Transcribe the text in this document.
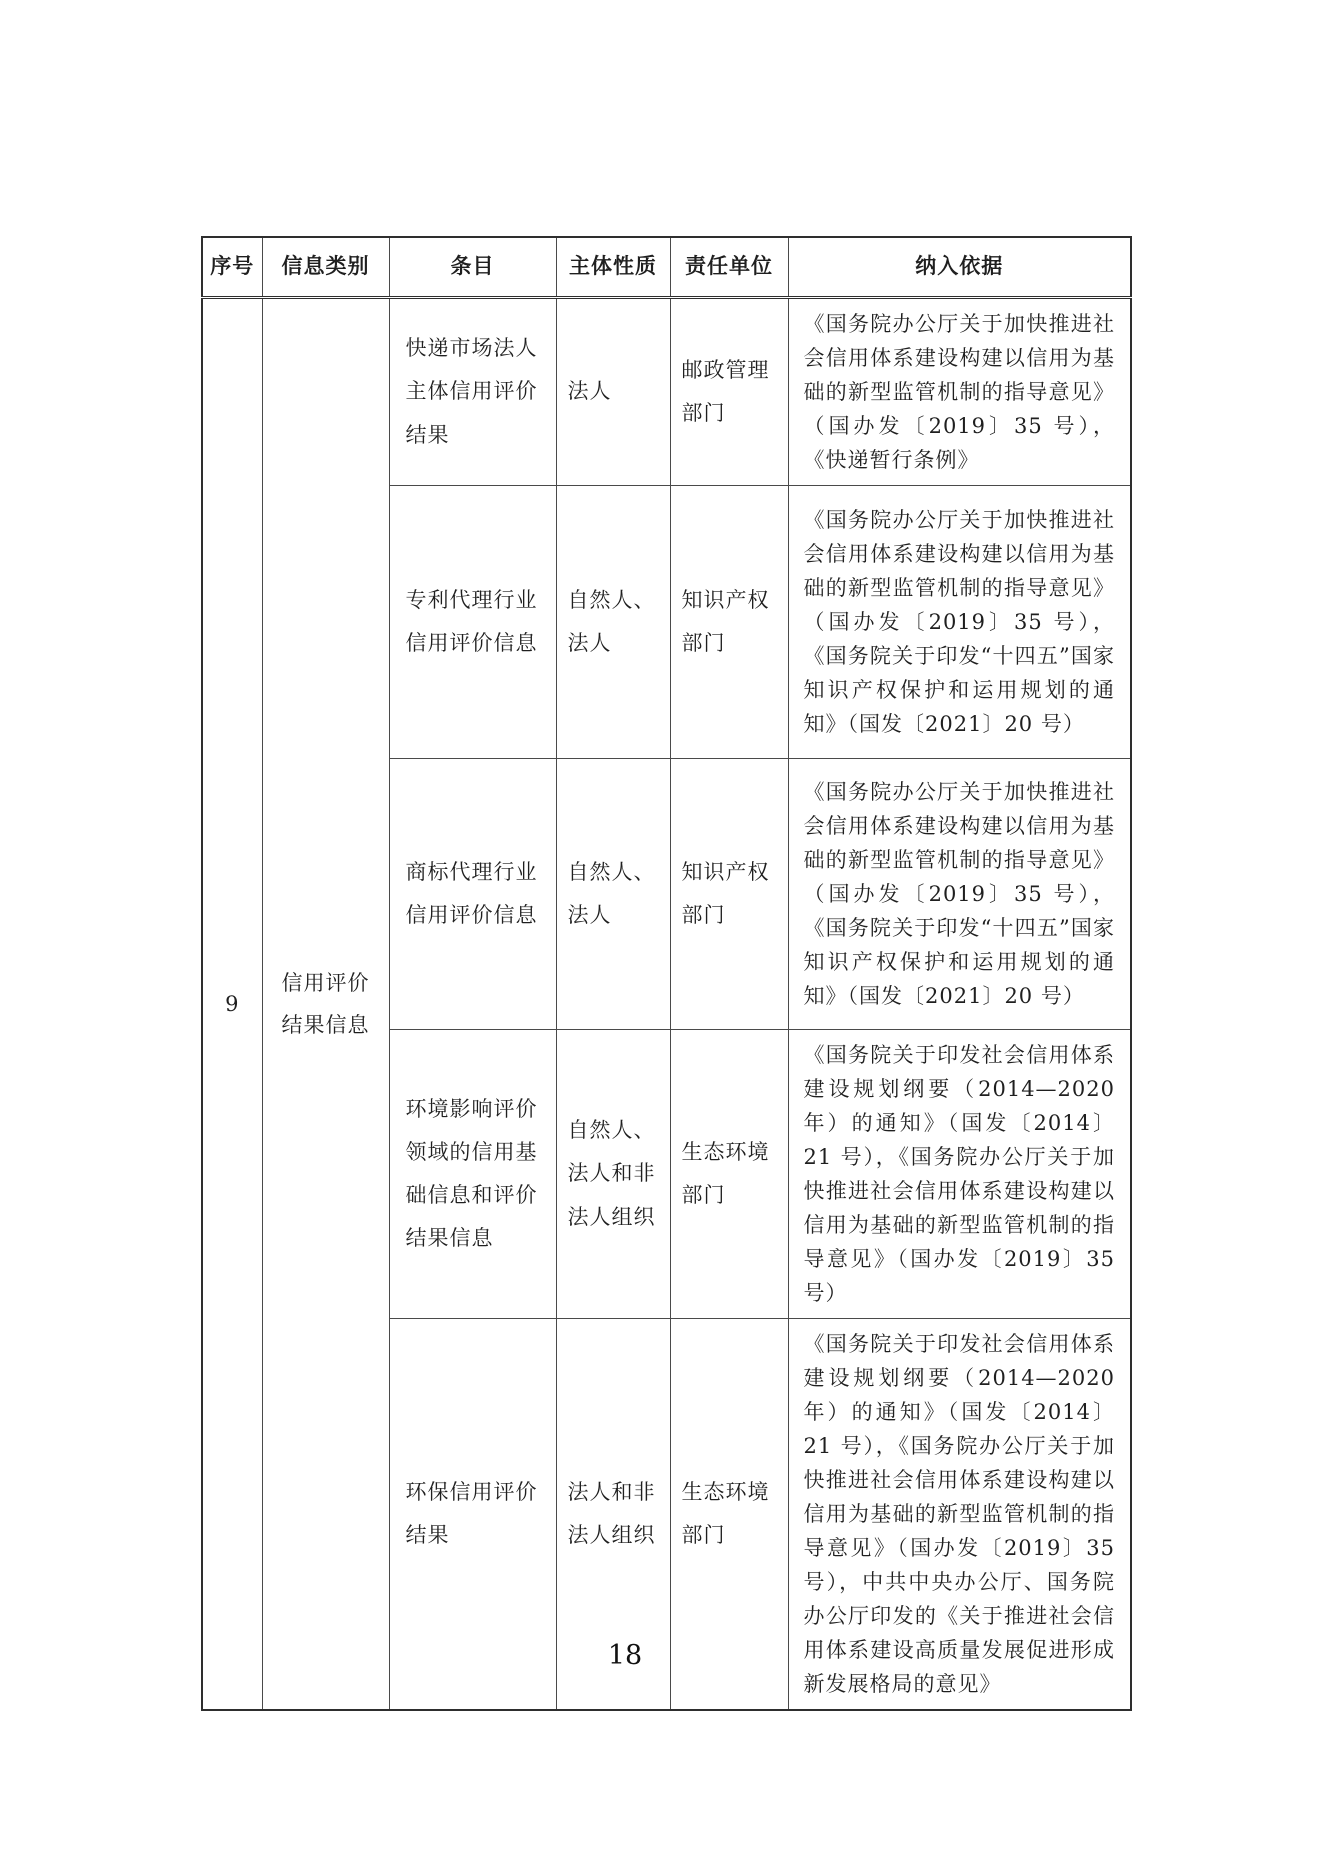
序号	信息类别	条目	主体性质	责任单位	纳入依据
9	信用评价结果信息	快递市场法人主体信用评价结果	法人	邮政管理部门	《国务院办公厅关于加快推进社会信用体系建设构建以信用为基础的新型监管机制的指导意见》（国办发〔2019〕35 号），《快递暂行条例》
		专利代理行业信用评价信息	自然人、法人	知识产权部门	《国务院办公厅关于加快推进社会信用体系建设构建以信用为基础的新型监管机制的指导意见》（国办发〔2019〕35 号），《国务院关于印发“十四五”国家知识产权保护和运用规划的通知》（国发〔2021〕20 号）
		商标代理行业信用评价信息	自然人、法人	知识产权部门	《国务院办公厅关于加快推进社会信用体系建设构建以信用为基础的新型监管机制的指导意见》（国办发〔2019〕35 号），《国务院关于印发“十四五”国家知识产权保护和运用规划的通知》（国发〔2021〕20 号）
		环境影响评价领域的信用基础信息和评价结果信息	自然人、法人和非法人组织	生态环境部门	《国务院关于印发社会信用体系建设规划纲要（2014—2020 年）的通知》（国发〔2014〕21 号），《国务院办公厅关于加快推进社会信用体系建设构建以信用为基础的新型监管机制的指导意见》（国办发〔2019〕35 号）
		环保信用评价结果	法人和非法人组织	生态环境部门	《国务院关于印发社会信用体系建设规划纲要（2014—2020 年）的通知》（国发〔2014〕21 号），《国务院办公厅关于加快推进社会信用体系建设构建以信用为基础的新型监管机制的指导意见》（国办发〔2019〕35 号），中共中央办公厅、国务院办公厅印发的《关于推进社会信用体系建设高质量发展促进形成新发展格局的意见》
18
